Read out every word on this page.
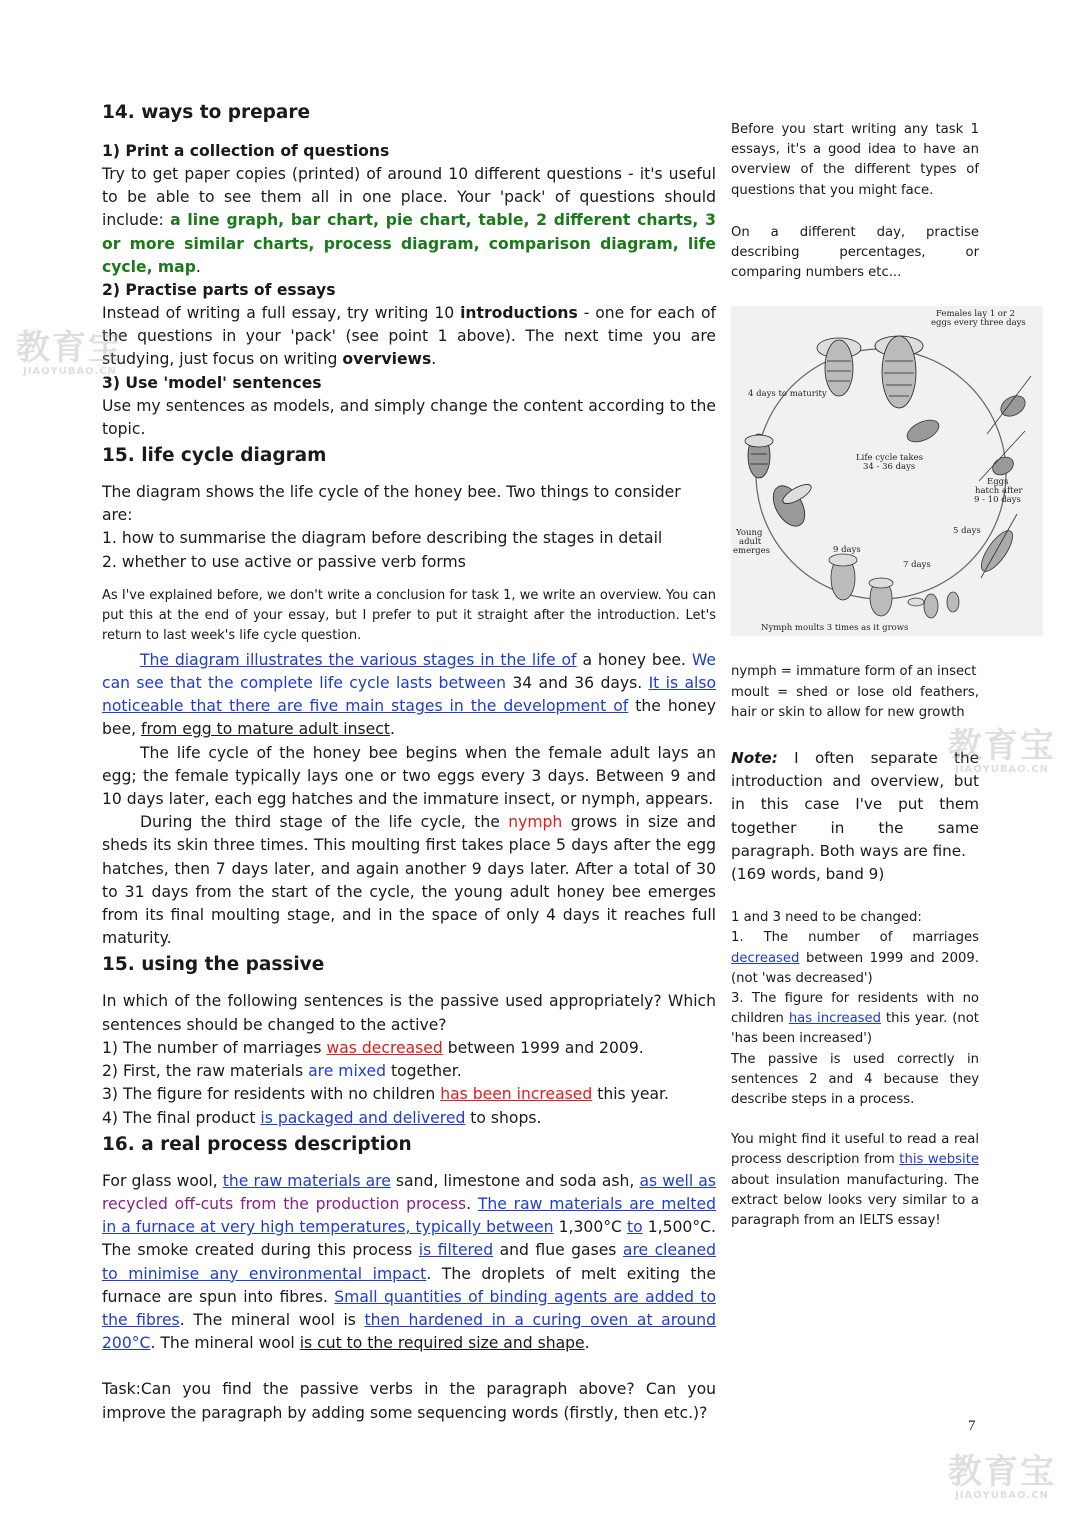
14. ways to prepare
1) Print a collection of questions

Try to get paper copies (printed) of around 10 different questions - it's useful to be able to see them all in one place. Your 'pack' of questions should include: a line graph, bar chart, pie chart, table, 2 different charts, 3 or more similar charts, process diagram, comparison diagram, life cycle, map.

2) Practise parts of essays

Instead of writing a full essay, try writing 10 introductions - one for each of the questions in your 'pack' (see point 1 above). The next time you are studying, just focus on writing overviews.

3) Use 'model' sentences

Use my sentences as models, and simply change the content according to the topic.

15. life cycle diagram

The diagram shows the life cycle of the honey bee. Two things to consider are:

1. how to summarise the diagram before describing the stages in detail

2. whether to use active or passive verb forms

As I've explained before, we don't write a conclusion for task 1, we write an overview. You can put this at the end of your essay, but I prefer to put it straight after the introduction. Let's return to last week's life cycle question.

The diagram illustrates the various stages in the life of a honey bee. We can see that the complete life cycle lasts between 34 and 36 days. It is also noticeable that there are five main stages in the development of the honey bee, from egg to mature adult insect.

The life cycle of the honey bee begins when the female adult lays an egg; the female typically lays one or two eggs every 3 days. Between 9 and 10 days later, each egg hatches and the immature insect, or nymph, appears.

During the third stage of the life cycle, the nymph grows in size and sheds its skin three times. This moulting first takes place 5 days after the egg hatches, then 7 days later, and again another 9 days later. After a total of 30 to 31 days from the start of the cycle, the young adult honey bee emerges from its final moulting stage, and in the space of only 4 days it reaches full maturity.

15. using the passive

In which of the following sentences is the passive used appropriately? Which sentences should be changed to the active?

1) The number of marriages was decreased between 1999 and 2009.

2) First, the raw materials are mixed together.

3) The figure for residents with no children has been increased this year.

4) The final product is packaged and delivered to shops.

16. a real process description

For glass wool, the raw materials are sand, limestone and soda ash, as well as recycled off-cuts from the production process. The raw materials are melted in a furnace at very high temperatures, typically between 1,300°C to 1,500°C. The smoke created during this process is filtered and flue gases are cleaned to minimise any environmental impact. The droplets of melt exiting the furnace are spun into fibres. Small quantities of binding agents are added to the fibres. The mineral wool is then hardened in a curing oven at around 200°C. The mineral wool is cut to the required size and shape.

Task:Can you find the passive verbs in the paragraph above? Can you improve the paragraph by adding some sequencing words (firstly, then etc.)?

Before you start writing any task 1 essays, it's a good idea to have an overview of the different types of questions that you might face.

On a different day, practise describing percentages, or comparing numbers etc...

Females lay 1 or 2
eggs every three days
4 days to maturity
Life cycle takes
34 - 36 days
Eggs
hatch after
9 - 10 days
5 days
Young
adult
emerges	9 days
7 days
Nymph moults 3 times as it grows

nymph = immature form of an insect

moult = shed or lose old feathers, hair or skin to allow for new growth

Note: I often separate the introduction and overview, but in this case I've put them together in the same paragraph. Both ways are fine.

(169 words, band 9)

1 and 3 need to be changed:

1. The number of marriages decreased between 1999 and 2009. (not 'was decreased')

3. The figure for residents with no children has increased this year. (not 'has been increased')

The passive is used correctly in sentences 2 and 4 because they describe steps in a process.

You might find it useful to read a real process description from this website about insulation manufacturing. The extract below looks very similar to a paragraph from an IELTS essay!

教育宝
JIAOYUBAO.CN
教育宝
JIAOYUBAO.CN
教育宝
JIAOYUBAO.CN
7
